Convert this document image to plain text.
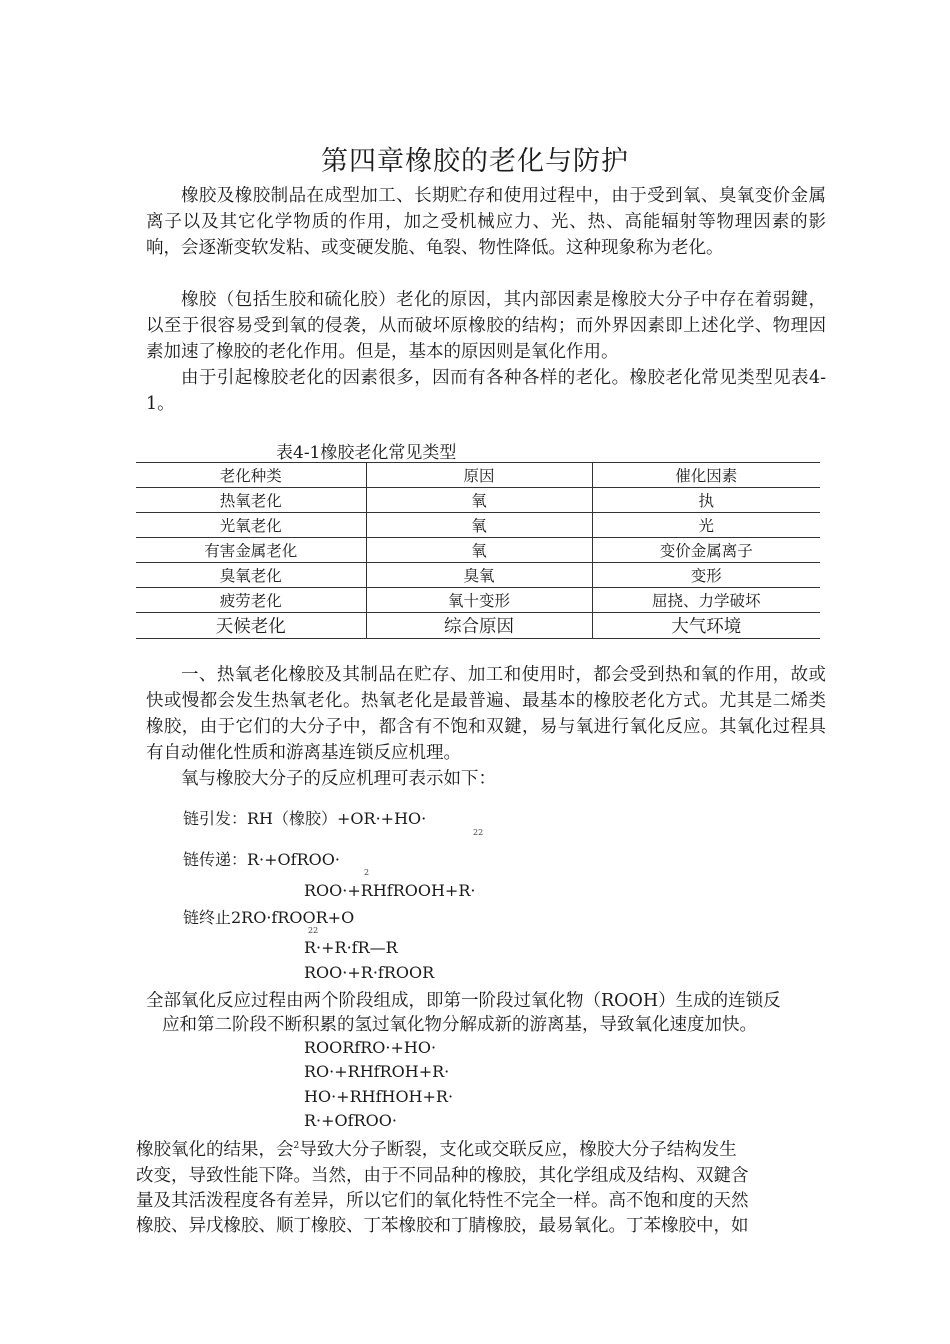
第四章橡胶的老化与防护
橡胶及橡胶制品在成型加工、长期贮存和使用过程中，由于受到氧、臭氧变价金属离子以及其它化学物质的作用，加之受机械应力、光、热、高能辐射等物理因素的影响，会逐渐变软发粘、或变硬发脆、龟裂、物性降低。这种现象称为老化。
橡胶（包括生胶和硫化胶）老化的原因，其内部因素是橡胶大分子中存在着弱鍵，以至于很容易受到氧的侵袭，从而破坏原橡胶的结构；而外界因素即上述化学、物理因素加速了橡胶的老化作用。但是，基本的原因则是氧化作用。
由于引起橡胶老化的因素很多，因而有各种各样的老化。橡胶老化常见类型见表4-1。
表4-1橡胶老化常见类型
老化种类	原因	催化因素
热氧老化	氧	执
光氧老化	氧	光
有害金属老化	氧	变价金属离子
臭氧老化	臭氧	变形
疲劳老化	氧十变形	屈挠、力学破坏
天候老化	综合原因	大气环境
一、热氧老化橡胶及其制品在贮存、加工和使用时，都会受到热和氧的作用，故或快或慢都会发生热氧老化。热氧老化是最普遍、最基本的橡胶老化方式。尤其是二烯类橡胶，由于它们的大分子中，都含有不饱和双鍵，易与氧进行氧化反应。其氧化过程具有自动催化性质和游离基连锁反应机理。
氧与橡胶大分子的反应机理可表示如下：
链引发：RH（橡胶）+OR·+HO·
22
链传递：R·+OfROO·
2
ROO·+RHfROOH+R·
链终止2RO·fROOR+O
22
R·+R·fR—R
ROO·+R·fROOR
全部氧化反应过程由两个阶段组成，即第一阶段过氧化物（ROOH）生成的连锁反
应和第二阶段不断积累的氢过氧化物分解成新的游离基，导致氧化速度加快。
ROORfRO·+HO·
RO·+RHfROH+R·
HO·+RHfHOH+R·
R·+OfROO·
橡胶氧化的结果，会$^2$导致大分子断裂，支化或交联反应，橡胶大分子结构发生
改变，导致性能下降。当然，由于不同品种的橡胶，其化学组成及结构、双鍵含
量及其活泼程度各有差异，所以它们的氧化特性不完全一样。高不饱和度的天然
橡胶、异戊橡胶、顺丁橡胶、丁苯橡胶和丁腈橡胶，最易氧化。丁苯橡胶中，如
